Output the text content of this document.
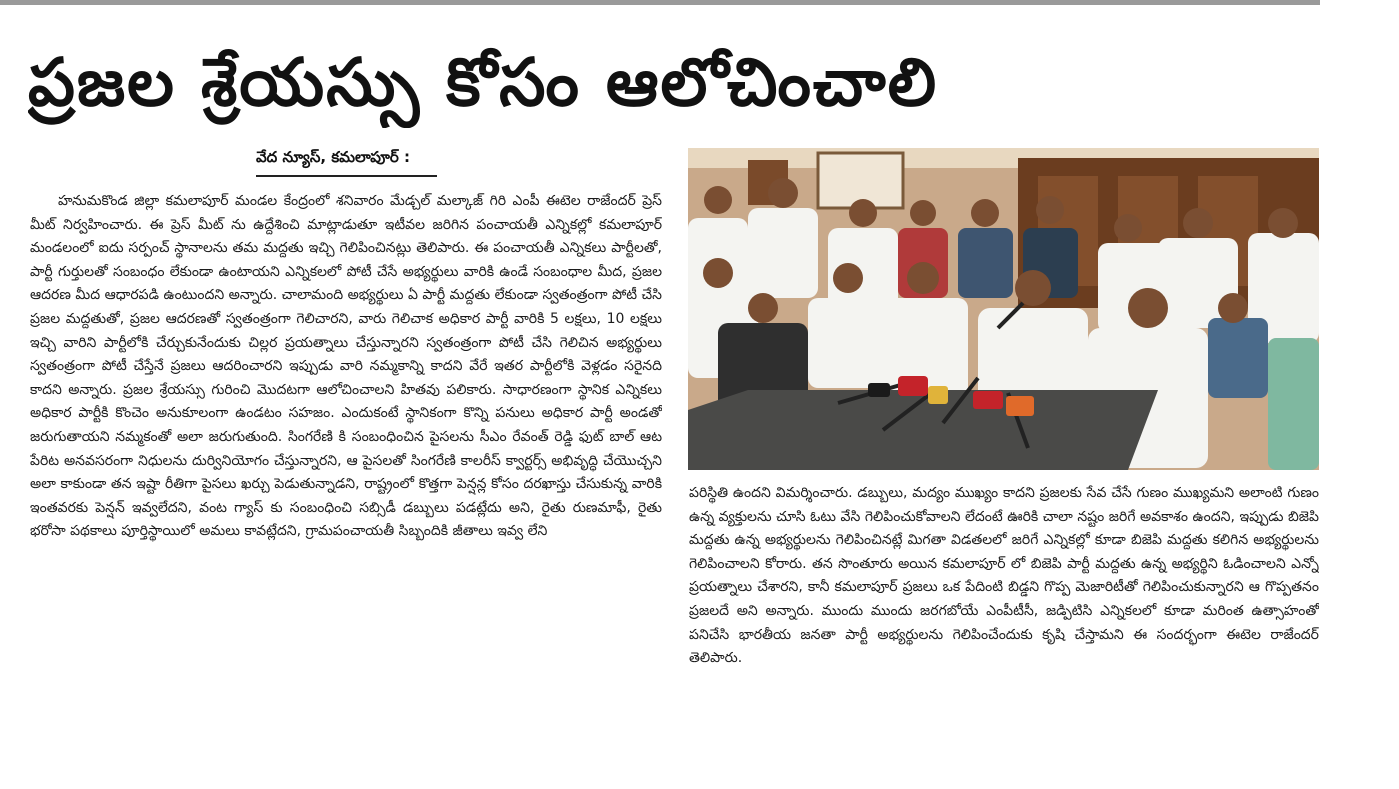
ప్రజల శ్రేయస్సు కోసం ఆలోచించాలి
వేద న్యూస్, కమలాపూర్ :
హనుమకొండ జిల్లా కమలాపూర్ మండల కేంద్రంలో శనివారం మేడ్చల్ మల్కాజ్ గిరి ఎంపీ ఈటెల రాజేందర్ ప్రెస్ మీట్ నిర్వహించారు. ఈ ప్రెస్ మీట్ ను ఉద్దేశించి మాట్లాడుతూ ఇటీవల జరిగిన పంచాయతీ ఎన్నికల్లో కమలాపూర్ మండలంలో ఐదు సర్పంచ్ స్థానాలను తమ మద్దతు ఇచ్చి గెలిపించినట్లు తెలిపారు. ఈ పంచాయతీ ఎన్నికలు పార్టీలతో, పార్టీ గుర్తులతో సంబంధం లేకుండా ఉంటాయని ఎన్నికలలో పోటీ చేసే అభ్యర్థులు వారికి ఉండే సంబంధాల మీద, ప్రజల ఆదరణ మీద ఆధారపడి ఉంటుందని అన్నారు. చాలామంది అభ్యర్థులు ఏ పార్టీ మద్దతు లేకుండా స్వతంత్రంగా పోటీ చేసి ప్రజల మద్దతుతో, ప్రజల ఆదరణతో స్వతంత్రంగా గెలిచారని, వారు గెలిచాక అధికార పార్టీ వారికి 5 లక్షలు, 10 లక్షలు ఇచ్చి వారిని పార్టీలోకి చేర్చుకునేందుకు చిల్లర ప్రయత్నాలు చేస్తున్నారని స్వతంత్రంగా పోటీ చేసి గెలిచిన అభ్యర్థులు స్వతంత్రంగా పోటీ చేస్తేనే ప్రజలు ఆదరించారని ఇప్పుడు వారి నమ్మకాన్ని కాదని వేరే ఇతర పార్టీలోకి వెళ్లడం సరైనది కాదని అన్నారు. ప్రజల శ్రేయస్సు గురించి మొదటగా ఆలోచించాలని హితవు పలికారు. సాధారణంగా స్థానిక ఎన్నికలు అధికార పార్టీకి కొంచెం అనుకూలంగా ఉండటం సహజం. ఎందుకంటే స్థానికంగా కొన్ని పనులు అధికార పార్టీ అండతో జరుగుతాయని నమ్మకంతో అలా జరుగుతుంది. సింగరేణి కి సంబంధించిన పైసలను సీఎం రేవంత్ రెడ్డి ఫుట్ బాల్ ఆట పేరిట అనవసరంగా నిధులను దుర్వినియోగం చేస్తున్నారని, ఆ పైసలతో సింగరేణి కాలరీస్ క్వార్టర్స్ అభివృద్ధి చేయొచ్చని అలా కాకుండా తన ఇష్టా రీతిగా పైసలు ఖర్చు పెడుతున్నాడని, రాష్ట్రంలో కొత్తగా పెన్షన్ల కోసం దరఖాస్తు చేసుకున్న వారికి ఇంతవరకు పెన్షన్ ఇవ్వలేదని, వంట గ్యాస్ కు సంబంధించి సబ్సిడీ డబ్బులు పడట్లేదు అని, రైతు రుణమాఫీ, రైతు భరోసా పథకాలు పూర్తిస్థాయిలో అమలు కావట్లేదని, గ్రామపంచాయతీ సిబ్బందికి జీతాలు ఇవ్వ లేని
పరిస్థితి ఉందని విమర్శించారు. డబ్బులు, మద్యం ముఖ్యం కాదని ప్రజలకు సేవ చేసే గుణం ముఖ్యమని అలాంటి గుణం ఉన్న వ్యక్తులను చూసి ఓటు వేసి గెలిపించుకోవాలని లేదంటే ఊరికి చాలా నష్టం జరిగే అవకాశం ఉందని, ఇప్పుడు బిజెపి మద్దతు ఉన్న అభ్యర్థులను గెలిపించినట్లే మిగతా విడతలలో జరిగే ఎన్నికల్లో కూడా బిజెపి మద్దతు కలిగిన అభ్యర్థులను గెలిపించాలని కోరారు. తన సొంతూరు అయిన కమలాపూర్ లో బిజెపి పార్టీ మద్దతు ఉన్న అభ్యర్థిని ఓడించాలని ఎన్నో ప్రయత్నాలు చేశారని, కానీ కమలాపూర్ ప్రజలు ఒక పేదింటి బిడ్డని గొప్ప మెజారిటీతో గెలిపించుకున్నారని ఆ గొప్పతనం ప్రజలదే అని అన్నారు. ముందు ముందు జరగబోయే ఎంపీటీసీ, జడ్పిటిసి ఎన్నికలలో కూడా మరింత ఉత్సాహంతో పనిచేసి భారతీయ జనతా పార్టీ అభ్యర్థులను గెలిపించేందుకు కృషి చేస్తామని ఈ సందర్భంగా ఈటెల రాజేందర్ తెలిపారు.
